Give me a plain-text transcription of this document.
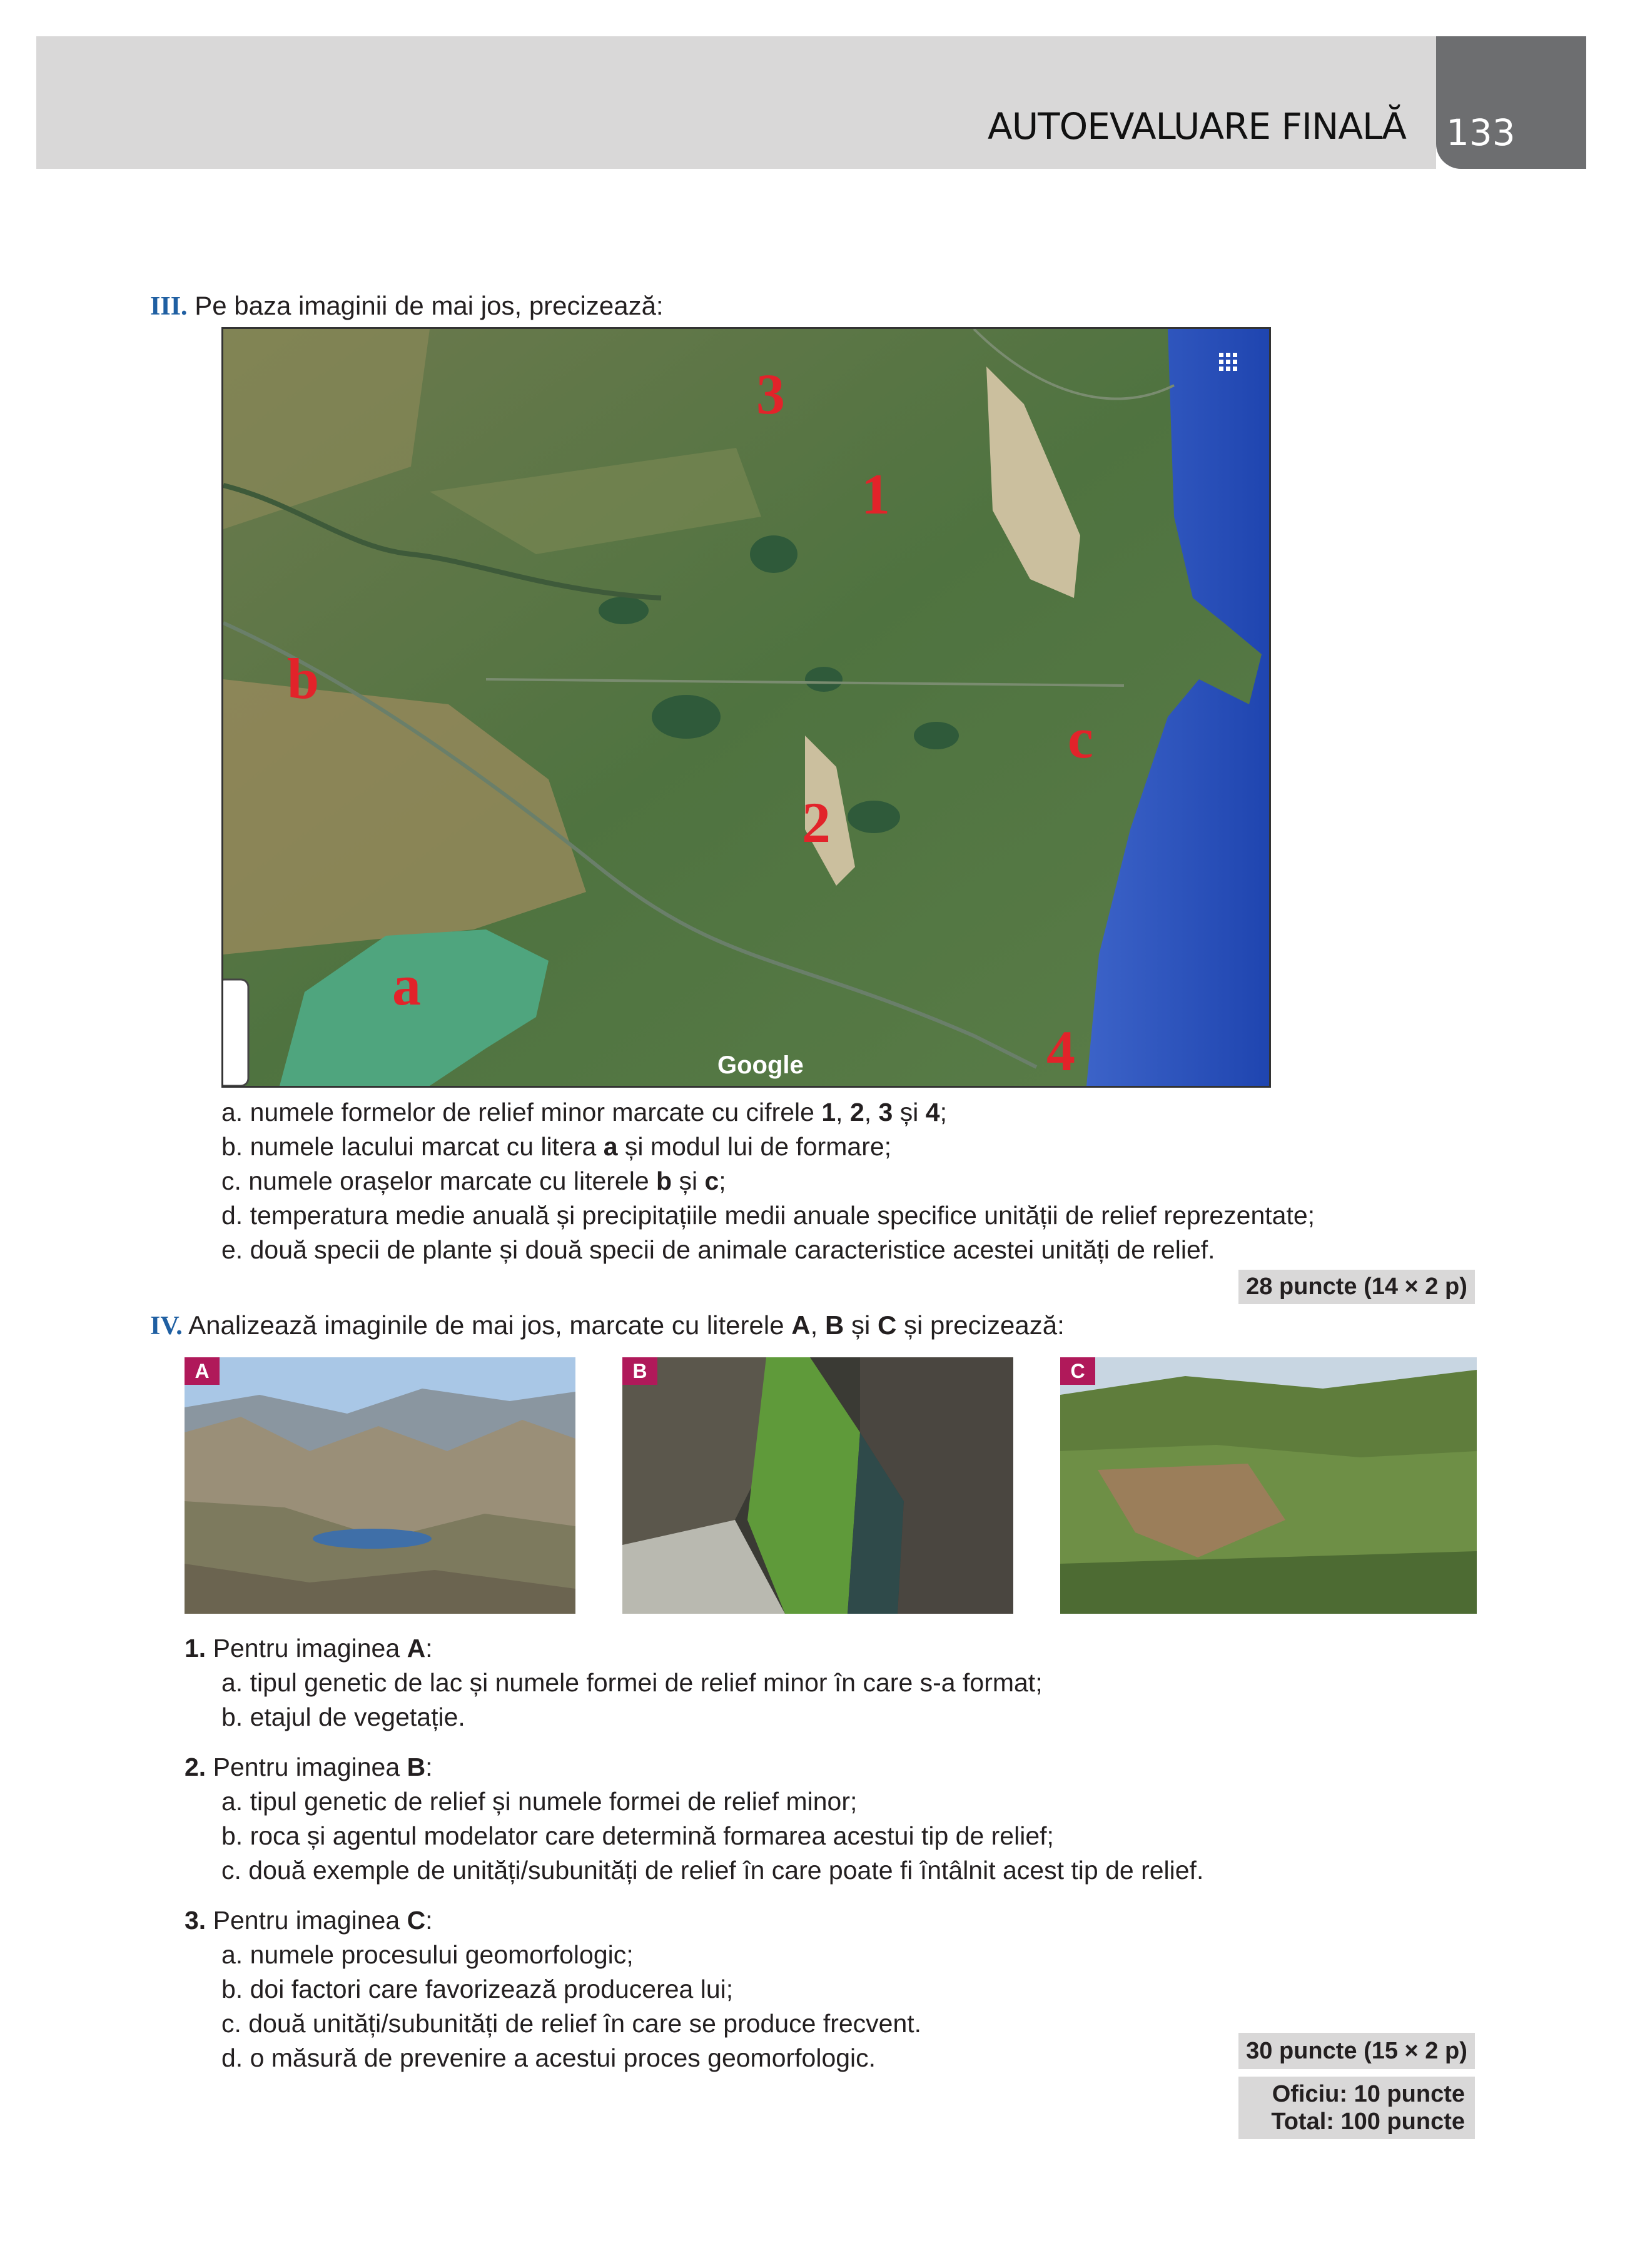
AUTOEVALUARE FINALĂ 133
III. Pe baza imaginii de mai jos, precizează:
1
2
3
4
a
b
c
Google
a. numele formelor de relief minor marcate cu cifrele 1, 2, 3 și 4;
b. numele lacului marcat cu litera a și modul lui de formare;
c. numele orașelor marcate cu literele b și c;
d. temperatura medie anuală și precipitațiile medii anuale specifice unității de relief reprezentate;
e. două specii de plante și două specii de animale caracteristice acestei unități de relief.
28 puncte (14 × 2 p)
IV. Analizează imaginile de mai jos, marcate cu literele A, B și C și precizează:
A	B	C
1. Pentru imaginea A:
a. tipul genetic de lac și numele formei de relief minor în care s-a format;
b. etajul de vegetație.
2. Pentru imaginea B:
a. tipul genetic de relief și numele formei de relief minor;
b. roca și agentul modelator care determină formarea acestui tip de relief;
c. două exemple de unități/subunități de relief în care poate fi întâlnit acest tip de relief.
3. Pentru imaginea C:
a. numele procesului geomorfologic;
b. doi factori care favorizează producerea lui;
c. două unități/subunități de relief în care se produce frecvent.
d. o măsură de prevenire a acestui proces geomorfologic.	30 puncte (15 × 2 p)
Oficiu: 10 puncte
Total: 100 puncte
